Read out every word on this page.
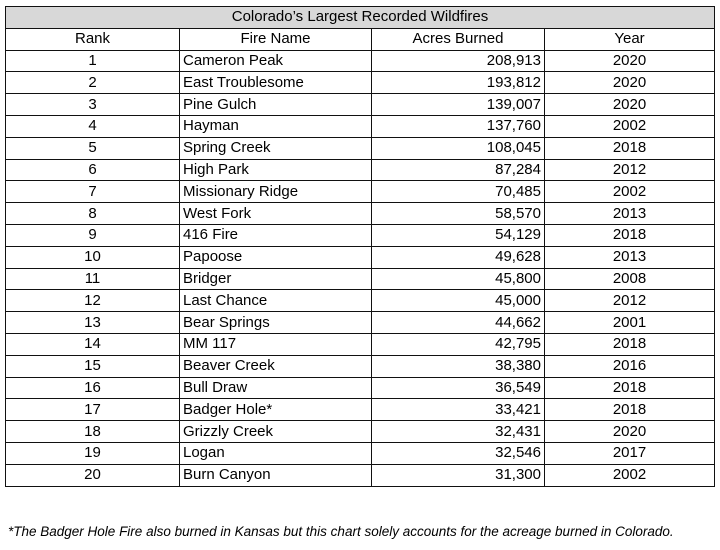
Colorado’s Largest Recorded Wildfires			
Rank	Fire Name	Acres Burned	Year
1	Cameron Peak	208,913	2020
2	East Troublesome	193,812	2020
3	Pine Gulch	139,007	2020
4	Hayman	137,760	2002
5	Spring Creek	108,045	2018
6	High Park	87,284	2012
7	Missionary Ridge	70,485	2002
8	West Fork	58,570	2013
9	416 Fire	54,129	2018
10	Papoose	49,628	2013
11	Bridger	45,800	2008
12	Last Chance	45,000	2012
13	Bear Springs	44,662	2001
14	MM 117	42,795	2018
15	Beaver Creek	38,380	2016
16	Bull Draw	36,549	2018
17	Badger Hole*	33,421	2018
18	Grizzly Creek	32,431	2020
19	Logan	32,546	2017
20	Burn Canyon	31,300	2002
*The Badger Hole Fire also burned in Kansas but this chart solely accounts for the acreage burned in Colorado.
